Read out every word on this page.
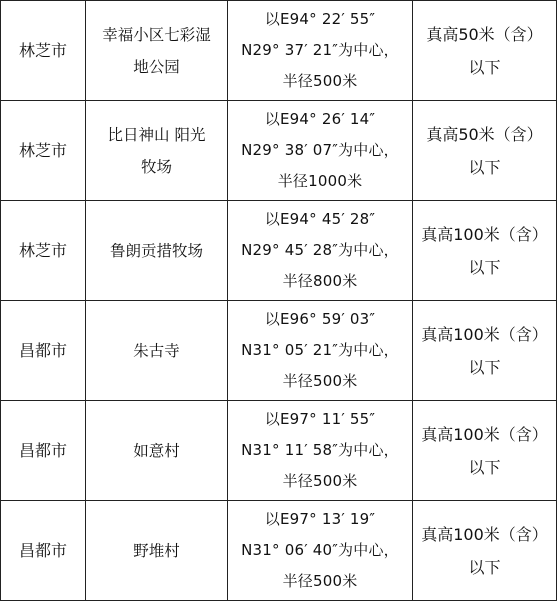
林芝市	幸福小区七彩湿地公园	以E94° 22′ 55″
N29° 37′ 21″为中心，
半径500米	真高50米（含）
以下

林芝市	比日神山 阳光牧场	以E94° 26′ 14″
N29° 38′ 07″为中心，
半径1000米	真高50米（含）
以下

林芝市	鲁朗贡措牧场	以E94° 45′ 28″
N29° 45′ 28″为中心，
半径800米	真高100米（含）
以下

昌都市	朱古寺	以E96° 59′ 03″
N31° 05′ 21″为中心，
半径500米	真高100米（含）
以下

昌都市	如意村	以E97° 11′ 55″
N31° 11′ 58″为中心，
半径500米	真高100米（含）
以下

昌都市	野堆村	以E97° 13′ 19″
N31° 06′ 40″为中心，
半径500米	真高100米（含）
以下
